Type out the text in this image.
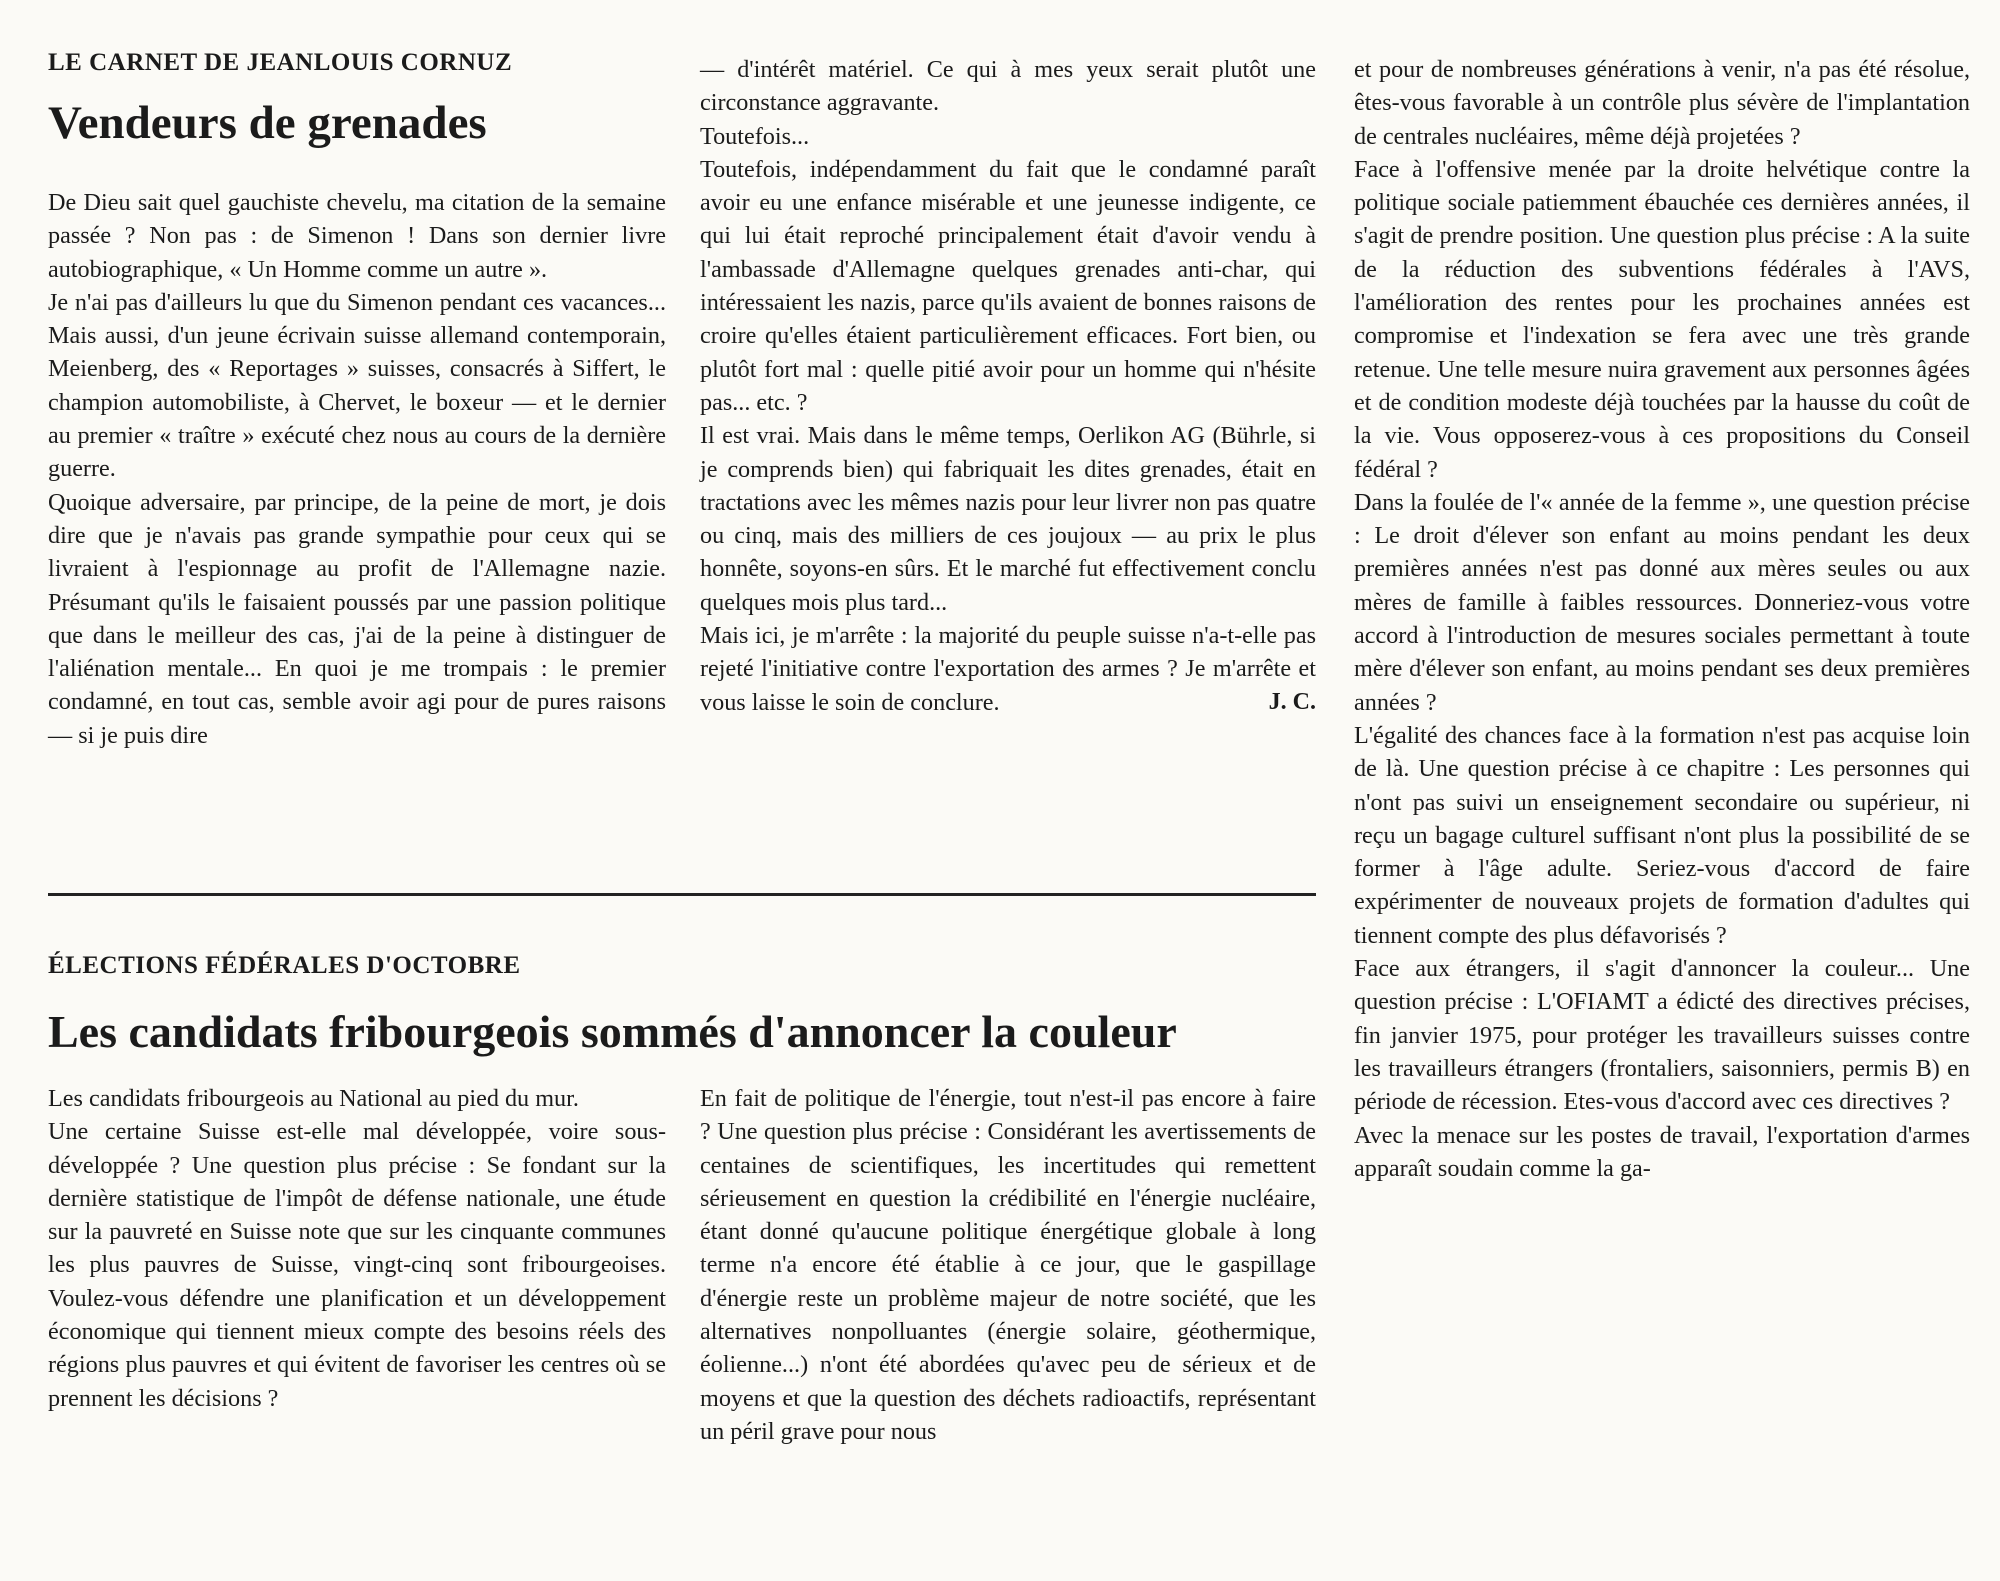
LE CARNET DE JEANLOUIS CORNUZ

Vendeurs de grenades

De Dieu sait quel gauchiste chevelu, ma citation de la semaine passée ? Non pas : de Simenon ! Dans son dernier livre autobiographique, « Un Homme comme un autre ».

Je n'ai pas d'ailleurs lu que du Simenon pendant ces vacances... Mais aussi, d'un jeune écrivain suisse allemand contemporain, Meienberg, des « Reportages » suisses, consacrés à Siffert, le champion automobiliste, à Chervet, le boxeur — et le dernier au premier « traître » exécuté chez nous au cours de la dernière guerre.

Quoique adversaire, par principe, de la peine de mort, je dois dire que je n'avais pas grande sympathie pour ceux qui se livraient à l'espionnage au profit de l'Allemagne nazie. Présumant qu'ils le faisaient poussés par une passion politique que dans le meilleur des cas, j'ai de la peine à distinguer de l'aliénation mentale... En quoi je me trompais : le premier condamné, en tout cas, semble avoir agi pour de pures raisons — si je puis dire

— d'intérêt matériel. Ce qui à mes yeux serait plutôt une circonstance aggravante.

Toutefois...

Toutefois, indépendamment du fait que le condamné paraît avoir eu une enfance misérable et une jeunesse indigente, ce qui lui était reproché principalement était d'avoir vendu à l'ambassade d'Allemagne quelques grenades anti-char, qui intéressaient les nazis, parce qu'ils avaient de bonnes raisons de croire qu'elles étaient particulièrement efficaces. Fort bien, ou plutôt fort mal : quelle pitié avoir pour un homme qui n'hésite pas... etc. ?

Il est vrai. Mais dans le même temps, Oerlikon AG (Bührle, si je comprends bien) qui fabriquait les dites grenades, était en tractations avec les mêmes nazis pour leur livrer non pas quatre ou cinq, mais des milliers de ces joujoux — au prix le plus honnête, soyons-en sûrs. Et le marché fut effectivement conclu quelques mois plus tard...

Mais ici, je m'arrête : la majorité du peuple suisse n'a-t-elle pas rejeté l'initiative contre l'exportation des armes ? Je m'arrête et vous laisse le soin de conclure.	J. C.

ÉLECTIONS FÉDÉRALES D'OCTOBRE

Les candidats fribourgeois sommés d'annoncer la couleur

Les candidats fribourgeois au National au pied du mur.

Une certaine Suisse est-elle mal développée, voire sous-développée ? Une question plus précise : Se fondant sur la dernière statistique de l'impôt de défense nationale, une étude sur la pauvreté en Suisse note que sur les cinquante communes les plus pauvres de Suisse, vingt-cinq sont fribourgeoises. Voulez-vous défendre une planification et un développement économique qui tiennent mieux compte des besoins réels des régions plus pauvres et qui évitent de favoriser les centres où se prennent les décisions ?

En fait de politique de l'énergie, tout n'est-il pas encore à faire ? Une question plus précise : Considérant les avertissements de centaines de scientifiques, les incertitudes qui remettent sérieusement en question la crédibilité en l'énergie nucléaire, étant donné qu'aucune politique énergétique globale à long terme n'a encore été établie à ce jour, que le gaspillage d'énergie reste un problème majeur de notre société, que les alternatives nonpolluantes (énergie solaire, géothermique, éolienne...) n'ont été abordées qu'avec peu de sérieux et de moyens et que la question des déchets radioactifs, représentant un péril grave pour nous

et pour de nombreuses générations à venir, n'a pas été résolue, êtes-vous favorable à un contrôle plus sévère de l'implantation de centrales nucléaires, même déjà projetées ?

Face à l'offensive menée par la droite helvétique contre la politique sociale patiemment ébauchée ces dernières années, il s'agit de prendre position. Une question plus précise : A la suite de la réduction des subventions fédérales à l'AVS, l'amélioration des rentes pour les prochaines années est compromise et l'indexation se fera avec une très grande retenue. Une telle mesure nuira gravement aux personnes âgées et de condition modeste déjà touchées par la hausse du coût de la vie. Vous opposerez-vous à ces propositions du Conseil fédéral ?

Dans la foulée de l'« année de la femme », une question précise : Le droit d'élever son enfant au moins pendant les deux premières années n'est pas donné aux mères seules ou aux mères de famille à faibles ressources. Donneriez-vous votre accord à l'introduction de mesures sociales permettant à toute mère d'élever son enfant, au moins pendant ses deux premières années ?

L'égalité des chances face à la formation n'est pas acquise loin de là. Une question précise à ce chapitre : Les personnes qui n'ont pas suivi un enseignement secondaire ou supérieur, ni reçu un bagage culturel suffisant n'ont plus la possibilité de se former à l'âge adulte. Seriez-vous d'accord de faire expérimenter de nouveaux projets de formation d'adultes qui tiennent compte des plus défavorisés ?

Face aux étrangers, il s'agit d'annoncer la couleur... Une question précise : L'OFIAMT a édicté des directives précises, fin janvier 1975, pour protéger les travailleurs suisses contre les travailleurs étrangers (frontaliers, saisonniers, permis B) en période de récession. Etes-vous d'accord avec ces directives ?

Avec la menace sur les postes de travail, l'exportation d'armes apparaît soudain comme la ga-
